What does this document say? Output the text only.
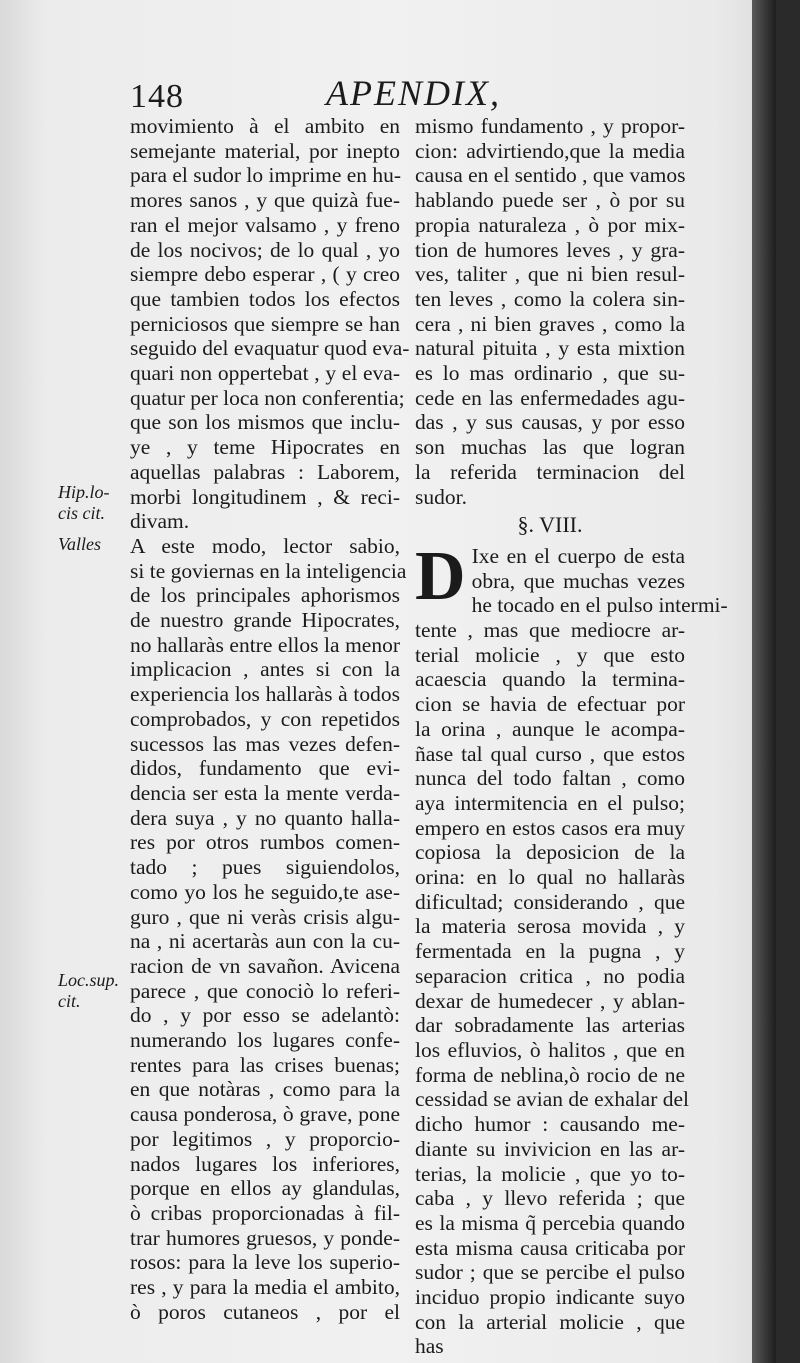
148	APENDIX,
Hip.lo-
cis cit.
Valles
Loc.sup.
cit.
movimiento à el ambito en
semejante material, por inepto
para el sudor lo imprime en hu-
mores sanos , y que quizà fue-
ran el mejor valsamo , y freno
de los nocivos; de lo qual , yo
siempre debo esperar , ( y creo
que tambien todos los efectos
perniciosos que siempre se han
seguido del evaquatur quod eva-
quari non oppertebat , y el eva-
quatur per loca non conferentia;
que son los mismos que inclu-
ye , y teme Hipocrates en
aquellas palabras : Laborem,
morbi longitudinem , & reci-
divam.
A este modo, lector sabio,
si te goviernas en la inteligencia
de los principales aphorismos
de nuestro grande Hipocrates,
no hallaràs entre ellos la menor
implicacion , antes si con la
experiencia los hallaràs à todos
comprobados, y con repetidos
sucessos las mas vezes defen-
didos, fundamento que evi-
dencia ser esta la mente verda-
dera suya , y no quanto halla-
res por otros rumbos comen-
tado ; pues siguiendolos,
como yo los he seguido,te ase-
guro , que ni veràs crisis algu-
na , ni acertaràs aun con la cu-
racion de vn savañon. Avicena
parece , que conociò lo referi-
do , y por esso se adelantò:
numerando los lugares confe-
rentes para las crises buenas;
en que notàras , como para la
causa ponderosa, ò grave, pone
por legitimos , y proporcio-
nados lugares los inferiores,
porque en ellos ay glandulas,
ò cribas proporcionadas à fil-
trar humores gruesos, y ponde-
rosos: para la leve los superio-
res , y para la media el ambito,
ò poros cutaneos , por el
mismo fundamento , y propor-
cion: advirtiendo,que la media
causa en el sentido , que vamos
hablando puede ser , ò por su
propia naturaleza , ò por mix-
tion de humores leves , y gra-
ves, taliter , que ni bien resul-
ten leves , como la colera sin-
cera , ni bien graves , como la
natural pituita , y esta mixtion
es lo mas ordinario , que su-
cede en las enfermedades agu-
das , y sus causas, y por esso
son muchas las que logran
la referida terminacion del
sudor.
§. VIII.
D Ixe en el cuerpo de esta
obra, que muchas vezes
he tocado en el pulso intermi-
tente , mas que mediocre ar-
terial molicie , y que esto
acaescia quando la termina-
cion se havia de efectuar por
la orina , aunque le acompa-
ñase tal qual curso , que estos
nunca del todo faltan , como
aya intermitencia en el pulso;
empero en estos casos era muy
copiosa la deposicion de la
orina: en lo qual no hallaràs
dificultad; considerando , que
la materia serosa movida , y
fermentada en la pugna , y
separacion critica , no podia
dexar de humedecer , y ablan-
dar sobradamente las arterias
los efluvios, ò halitos , que en
forma de neblina,ò rocio de ne
cessidad se avian de exhalar del
dicho humor : causando me-
diante su invivicion en las ar-
terias, la molicie , que yo to-
caba , y llevo referida ; que
es la misma q̃ percebia quando
esta misma causa criticaba por
sudor ; que se percibe el pulso
inciduo propio indicante suyo
con la arterial molicie , que
has
